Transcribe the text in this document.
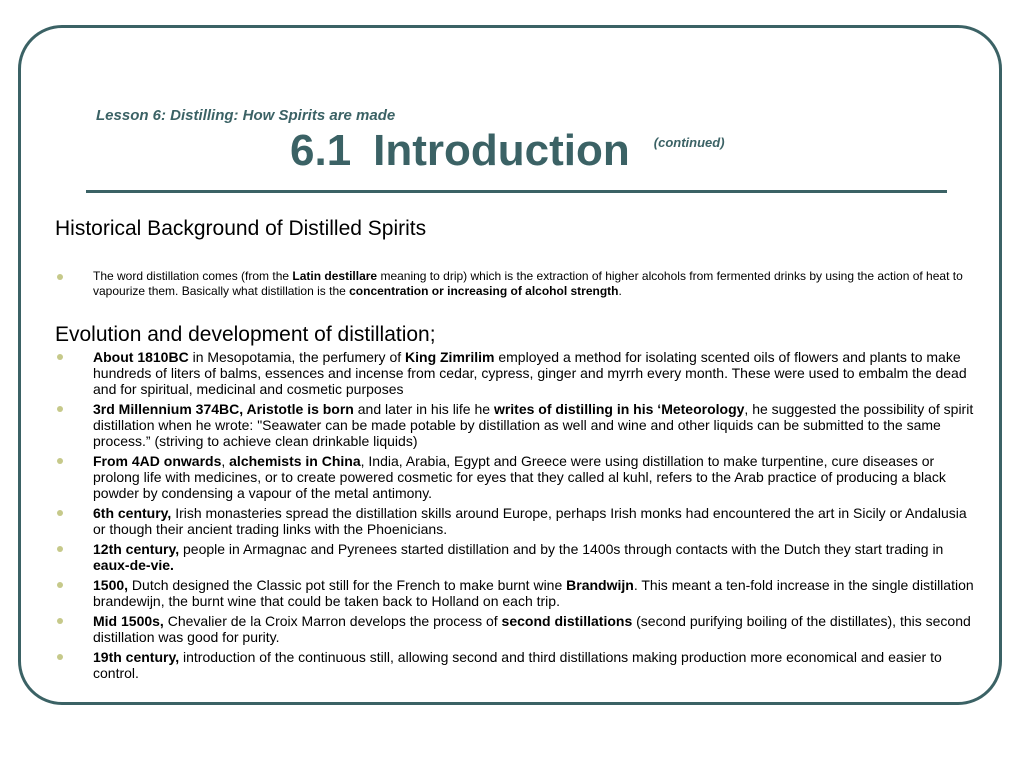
Lesson 6: Distilling: How Spirits are made
6.1 Introduction $^{(continued)}$
Historical Background of Distilled Spirits
The word distillation comes (from the Latin destillare meaning to drip) which is the extraction of higher alcohols from fermented drinks by using the action of heat to vapourize them. Basically what distillation is the concentration or increasing of alcohol strength.
Evolution and development of distillation;
About 1810BC in Mesopotamia, the perfumery of King Zimrilim employed a method for isolating scented oils of flowers and plants to make hundreds of liters of balms, essences and incense from cedar, cypress, ginger and myrrh every month. These were used to embalm the dead and for spiritual, medicinal and cosmetic purposes
3rd Millennium 374BC, Aristotle is born and later in his life he writes of distilling in his ‘Meteorology, he suggested the possibility of spirit distillation when he wrote: "Seawater can be made potable by distillation as well and wine and other liquids can be submitted to the same process.” (striving to achieve clean drinkable liquids)
From 4AD onwards, alchemists in China, India, Arabia, Egypt and Greece were using distillation to make turpentine, cure diseases or prolong life with medicines, or to create powered cosmetic for eyes that they called al kuhl, refers to the Arab practice of producing a black powder by condensing a vapour of the metal antimony.
6th century, Irish monasteries spread the distillation skills around Europe, perhaps Irish monks had encountered the art in Sicily or Andalusia or though their ancient trading links with the Phoenicians.
12th century, people in Armagnac and Pyrenees started distillation and by the 1400s through contacts with the Dutch they start trading in eaux-de-vie.
1500, Dutch designed the Classic pot still for the French to make burnt wine Brandwijn. This meant a ten-fold increase in the single distillation brandewijn, the burnt wine that could be taken back to Holland on each trip.
Mid 1500s, Chevalier de la Croix Marron develops the process of second distillations (second purifying boiling of the distillates), this second distillation was good for purity.
19th century, introduction of the continuous still, allowing second and third distillations making production more economical and easier to control.
